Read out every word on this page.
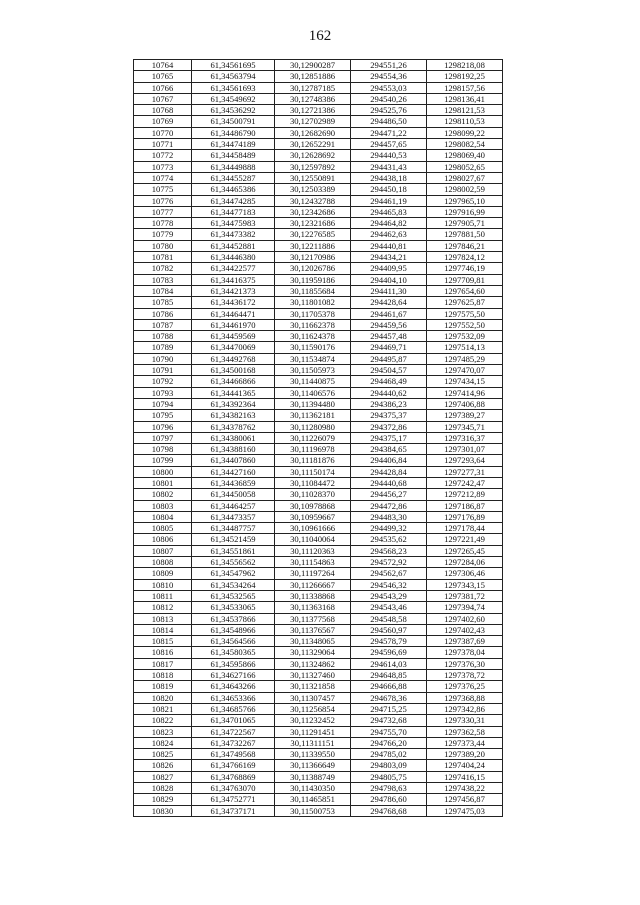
162
10764	61,34561695	30,12900287	294551,26	1298218,08
10765	61,34563794	30,12851886	294554,36	1298192,25
10766	61,34561693	30,12787185	294553,03	1298157,56
10767	61,34549692	30,12748386	294540,26	1298136,41
10768	61,34536292	30,12721386	294525,76	1298121,53
10769	61,34500791	30,12702989	294486,50	1298110,53
10770	61,34486790	30,12682690	294471,22	1298099,22
10771	61,34474189	30,12652291	294457,65	1298082,54
10772	61,34458489	30,12628692	294440,53	1298069,40
10773	61,34449888	30,12597892	294431,43	1298052,65
10774	61,34455287	30,12550891	294438,18	1298027,67
10775	61,34465386	30,12503389	294450,18	1298002,59
10776	61,34474285	30,12432788	294461,19	1297965,10
10777	61,34477183	30,12342686	294465,83	1297916,99
10778	61,34475983	30,12321686	294464,82	1297905,71
10779	61,34473382	30,12276585	294462,63	1297881,50
10780	61,34452881	30,12211886	294440,81	1297846,21
10781	61,34446380	30,12170986	294434,21	1297824,12
10782	61,34422577	30,12026786	294409,95	1297746,19
10783	61,34416375	30,11959186	294404,10	1297709,81
10784	61,34421373	30,11855684	294411,30	1297654,60
10785	61,34436172	30,11801082	294428,64	1297625,87
10786	61,34464471	30,11705378	294461,67	1297575,50
10787	61,34461970	30,11662378	294459,56	1297552,50
10788	61,34459569	30,11624378	294457,48	1297532,09
10789	61,34470069	30,11590176	294469,71	1297514,13
10790	61,34492768	30,11534874	294495,87	1297485,29
10791	61,34500168	30,11505973	294504,57	1297470,07
10792	61,34466866	30,11440875	294468,49	1297434,15
10793	61,34441365	30,11406576	294440,62	1297414,96
10794	61,34392364	30,11394480	294386,23	1297406,88
10795	61,34382163	30,11362181	294375,37	1297389,27
10796	61,34378762	30,11280980	294372,86	1297345,71
10797	61,34380061	30,11226079	294375,17	1297316,37
10798	61,34388160	30,11196978	294384,65	1297301,07
10799	61,34407860	30,11181876	294406,84	1297293,64
10800	61,34427160	30,11150174	294428,84	1297277,31
10801	61,34436859	30,11084472	294440,68	1297242,47
10802	61,34450058	30,11028370	294456,27	1297212,89
10803	61,34464257	30,10978868	294472,86	1297186,87
10804	61,34473357	30,10959667	294483,30	1297176,89
10805	61,34487757	30,10961666	294499,32	1297178,44
10806	61,34521459	30,11040064	294535,62	1297221,49
10807	61,34551861	30,11120363	294568,23	1297265,45
10808	61,34556562	30,11154863	294572,92	1297284,06
10809	61,34547962	30,11197264	294562,67	1297306,46
10810	61,34534264	30,11266667	294546,32	1297343,15
10811	61,34532565	30,11338868	294543,29	1297381,72
10812	61,34533065	30,11363168	294543,46	1297394,74
10813	61,34537866	30,11377568	294548,58	1297402,60
10814	61,34548966	30,11376567	294560,97	1297402,43
10815	61,34564566	30,11348065	294578,79	1297387,69
10816	61,34580365	30,11329064	294596,69	1297378,04
10817	61,34595866	30,11324862	294614,03	1297376,30
10818	61,34627166	30,11327460	294648,85	1297378,72
10819	61,34643266	30,11321858	294666,88	1297376,25
10820	61,34653366	30,11307457	294678,36	1297368,88
10821	61,34685766	30,11256854	294715,25	1297342,86
10822	61,34701065	30,11232452	294732,68	1297330,31
10823	61,34722567	30,11291451	294755,70	1297362,58
10824	61,34732267	30,11311151	294766,20	1297373,44
10825	61,34749568	30,11339550	294785,02	1297389,20
10826	61,34766169	30,11366649	294803,09	1297404,24
10827	61,34768869	30,11388749	294805,75	1297416,15
10828	61,34763070	30,11430350	294798,63	1297438,22
10829	61,34752771	30,11465851	294786,60	1297456,87
10830	61,34737171	30,11500753	294768,68	1297475,03
